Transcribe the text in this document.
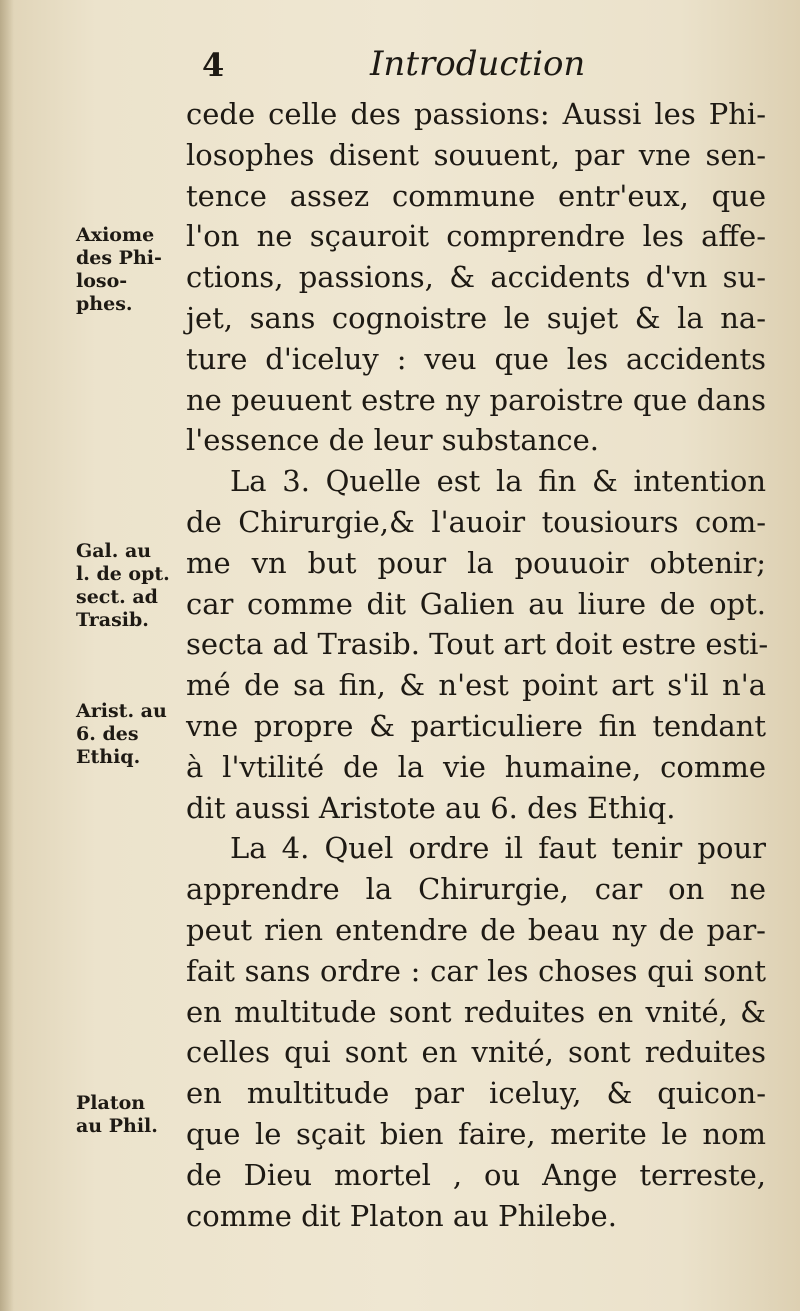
4	Introduction
cede celle des passions: Aussi les Phi-
losophes disent souuent, par vne sen-
tence assez commune entr'eux, que
l'on ne sçauroit comprendre les affe-
ctions, passions, & accidents d'vn su-
jet, sans cognoistre le sujet & la na-
ture d'iceluy : veu que les accidents
ne peuuent estre ny paroistre que dans
l'essence de leur substance.
La 3. Quelle est la fin & intention
de Chirurgie,& l'auoir tousiours com-
me vn but pour la pouuoir obtenir;
car comme dit Galien au liure de opt.
secta ad Trasib. Tout art doit estre esti-
mé de sa fin, & n'est point art s'il n'a
vne propre & particuliere fin tendant
à l'vtilité de la vie humaine, comme
dit aussi Aristote au 6. des Ethiq.
La 4. Quel ordre il faut tenir pour
apprendre la Chirurgie, car on ne
peut rien entendre de beau ny de par-
fait sans ordre : car les choses qui sont
en multitude sont reduites en vnité, &
celles qui sont en vnité, sont reduites
en multitude par iceluy, & quicon-
que le sçait bien faire, merite le nom
de Dieu mortel , ou Ange terreste,
comme dit Platon au Philebe.
Axiome
des Phi-
loso-
phes.
Gal. au
l. de opt.
sect. ad
Trasib.
Arist. au
6. des
Ethiq.
Platon
au Phil.
